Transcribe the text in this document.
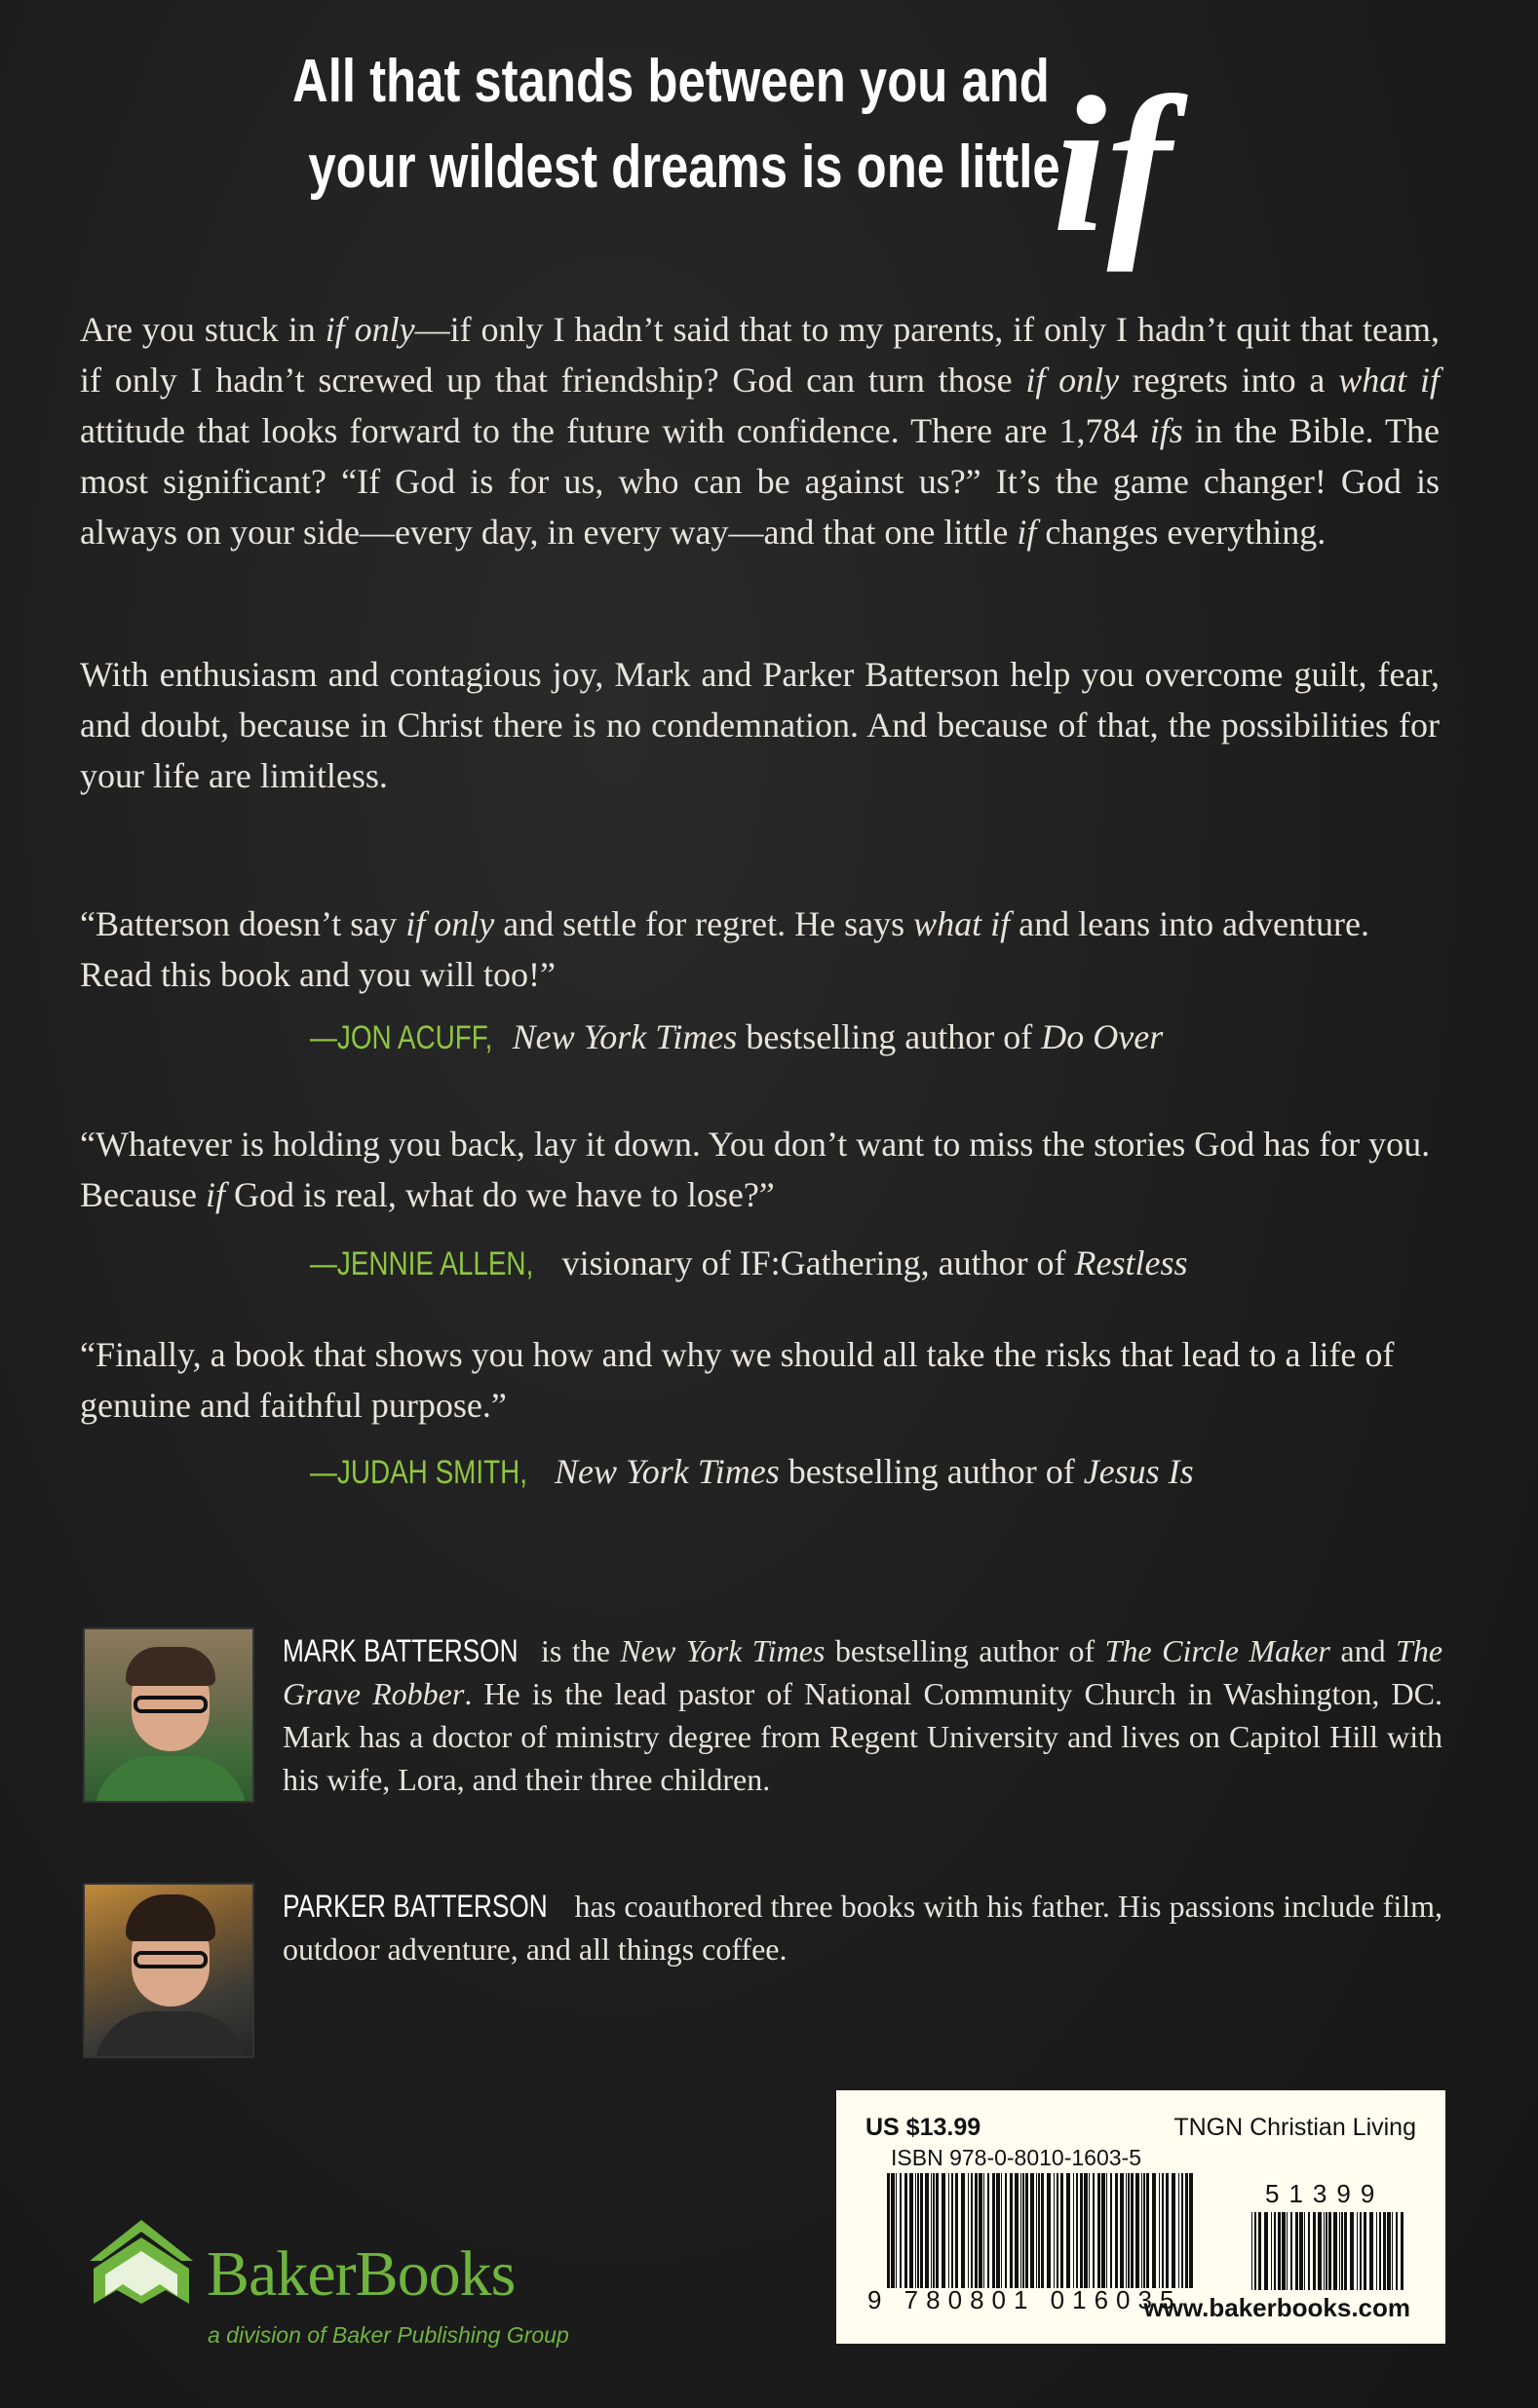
All that stands between you and
your wildest dreams is one little
if

Are you stuck in if only—if only I hadn’t said that to my parents, if only I hadn’t quit that team, if only I hadn’t screwed up that friendship? God can turn those if only regrets into a what if attitude that looks forward to the future with confidence. There are 1,784 ifs in the Bible. The most significant? “If God is for us, who can be against us?” It’s the game changer! God is always on your side—every day, in every way—and that one little if changes everything.

With enthusiasm and contagious joy, Mark and Parker Batterson help you overcome guilt, fear, and doubt, because in Christ there is no condemnation. And because of that, the possibilities for your life are limitless.

“Batterson doesn’t say if only and settle for regret. He says what if and leans into adventure. Read this book and you will too!”

—JON ACUFF, New York Times bestselling author of Do Over

“Whatever is holding you back, lay it down. You don’t want to miss the stories God has for you. Because if God is real, what do we have to lose?”

—JENNIE ALLEN, visionary of IF:Gathering, author of Restless

“Finally, a book that shows you how and why we should all take the risks that lead to a life of genuine and faithful purpose.”

—JUDAH SMITH, New York Times bestselling author of Jesus Is

MARK BATTERSON is the New York Times bestselling author of The Circle Maker and The Grave Robber. He is the lead pastor of National Community Church in Washington, DC. Mark has a doctor of ministry degree from Regent University and lives on Capitol Hill with his wife, Lora, and their three children.

PARKER BATTERSON has coauthored three books with his father. His passions include film, outdoor adventure, and all things coffee.

BakerBooks
a division of Baker Publishing Group
US $13.99	TNGN Christian Living
ISBN 978-0-8010-1603-5
51399
9 780801 016035
www.bakerbooks.com
